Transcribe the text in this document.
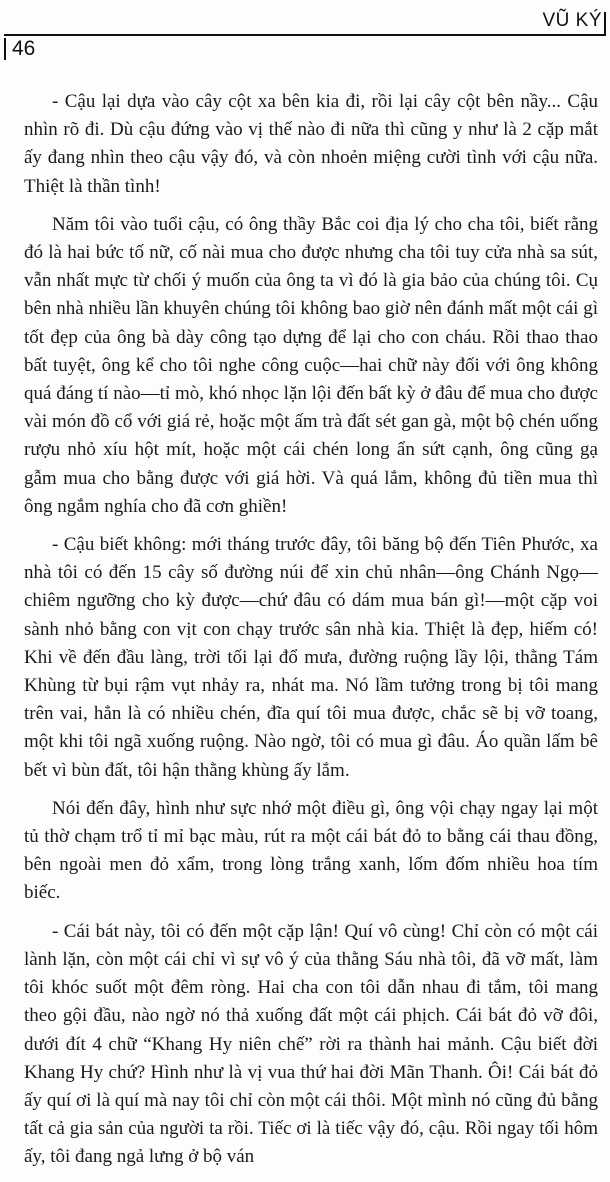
46
VŨ KÝ

- Cậu lại dựa vào cây cột xa bên kia đi, rồi lại cây cột bên nầy... Cậu nhìn rõ đi. Dù cậu đứng vào vị thế nào đi nữa thì cũng y như là 2 cặp mắt ấy đang nhìn theo cậu vậy đó, và còn nhoẻn miệng cười tình với cậu nữa. Thiệt là thần tình!

Năm tôi vào tuổi cậu, có ông thầy Bắc coi địa lý cho cha tôi, biết rằng đó là hai bức tố nữ, cố nài mua cho được nhưng cha tôi tuy cửa nhà sa sút, vẫn nhất mực từ chối ý muốn của ông ta vì đó là gia bảo của chúng tôi. Cụ bên nhà nhiều lần khuyên chúng tôi không bao giờ nên đánh mất một cái gì tốt đẹp của ông bà dày công tạo dựng để lại cho con cháu. Rồi thao thao bất tuyệt, ông kể cho tôi nghe công cuộc—hai chữ này đối với ông không quá đáng tí nào—tỉ mò, khó nhọc lặn lội đến bất kỳ ở đâu để mua cho được vài món đồ cổ với giá rẻ, hoặc một ấm trà đất sét gan gà, một bộ chén uống rượu nhỏ xíu hột mít, hoặc một cái chén long ẩn sứt cạnh, ông cũng gạ gẫm mua cho bằng được với giá hời. Và quá lắm, không đủ tiền mua thì ông ngắm nghía cho đã cơn ghiền!

- Cậu biết không: mới tháng trước đây, tôi băng bộ đến Tiên Phước, xa nhà tôi có đến 15 cây số đường núi để xin chủ nhân—ông Chánh Ngọ—chiêm ngưỡng cho kỳ được—chứ đâu có dám mua bán gì!—một cặp voi sành nhỏ bằng con vịt con chạy trước sân nhà kia. Thiệt là đẹp, hiếm có! Khi về đến đầu làng, trời tối lại đổ mưa, đường ruộng lầy lội, thằng Tám Khùng từ bụi rậm vụt nhảy ra, nhát ma. Nó lầm tưởng trong bị tôi mang trên vai, hẳn là có nhiều chén, đĩa quí tôi mua được, chắc sẽ bị vỡ toang, một khi tôi ngã xuống ruộng. Nào ngờ, tôi có mua gì đâu. Áo quần lấm bê bết vì bùn đất, tôi hận thằng khùng ấy lắm.

Nói đến đây, hình như sực nhớ một điều gì, ông vội chạy ngay lại một tủ thờ chạm trổ tỉ mỉ bạc màu, rút ra một cái bát đỏ to bằng cái thau đồng, bên ngoài men đỏ xẩm, trong lòng trắng xanh, lốm đốm nhiều hoa tím biếc.

- Cái bát này, tôi có đến một cặp lận! Quí vô cùng! Chỉ còn có một cái lành lặn, còn một cái chỉ vì sự vô ý của thằng Sáu nhà tôi, đã vỡ mất, làm tôi khóc suốt một đêm ròng. Hai cha con tôi dẫn nhau đi tắm, tôi mang theo gội đầu, nào ngờ nó thả xuống đất một cái phịch. Cái bát đỏ vỡ đôi, dưới đít 4 chữ “Khang Hy niên chế” rời ra thành hai mảnh. Cậu biết đời Khang Hy chứ? Hình như là vị vua thứ hai đời Mãn Thanh. Ôi! Cái bát đỏ ấy quí ơi là quí mà nay tôi chỉ còn một cái thôi. Một mình nó cũng đủ bằng tất cả gia sản của người ta rồi. Tiếc ơi là tiếc vậy đó, cậu. Rồi ngay tối hôm ấy, tôi đang ngả lưng ở bộ ván
